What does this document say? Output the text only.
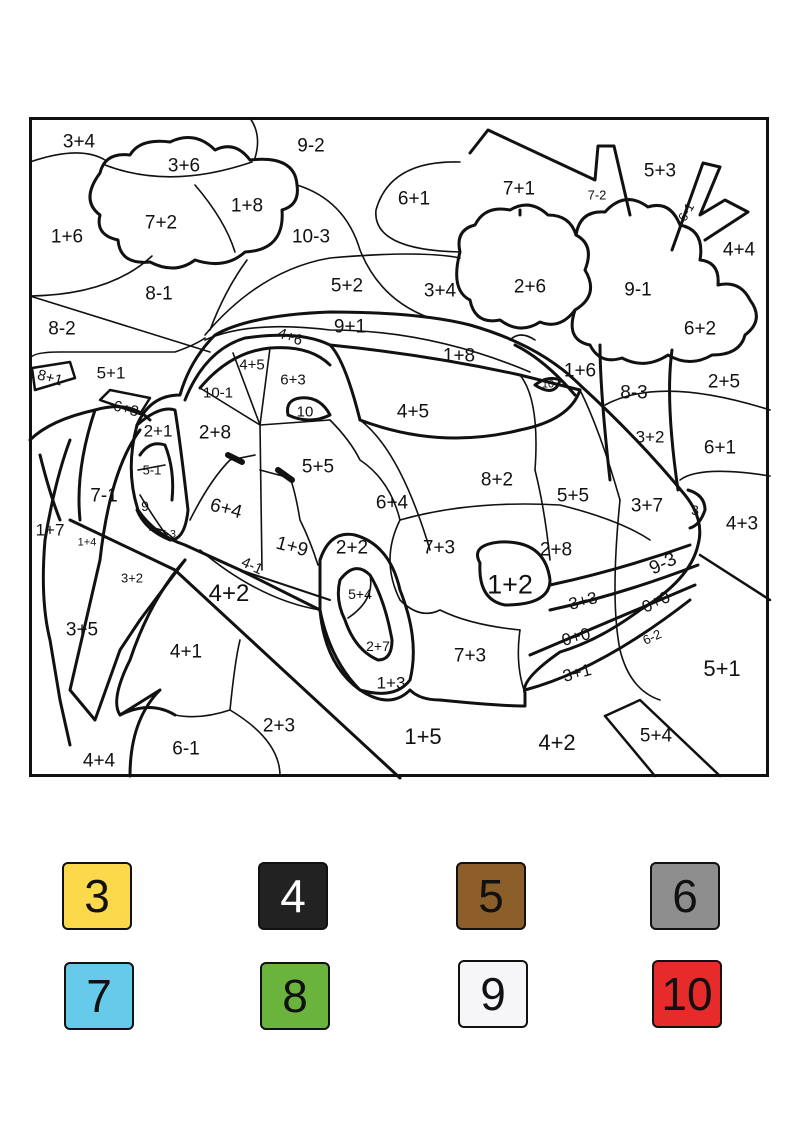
3+4
3+6
9-2
1+8
7+2
1+6	10-3
6+1	7+1	7-2
5+3
6-1
4+4
8-1	5+2	3+4	2+6	9-1
6+2
8-2	9+1
4+6
8+1 5+1	4+5
6+3
10-1
1+8
10
1+6
2+5
8-3
6+3	10	4+5
2+1 2+8	3+2
6+1
5-1	5+5
8+2
7-1 9	6+4	6+4	5+5 3+7 3
4+3
1+7	7-3
1+4	1+9 2+2	7+3	2+8
4-1	9-3
3+2	1+2
4+2	5+4	3+3 0+0
3+5	0+0	6-2
2+7
4+1	7+3	5+1
3+1
1+3
2+3	5+4
1+5	4+2
6-1
4+4
3	4	5	6
7	8	9	10
